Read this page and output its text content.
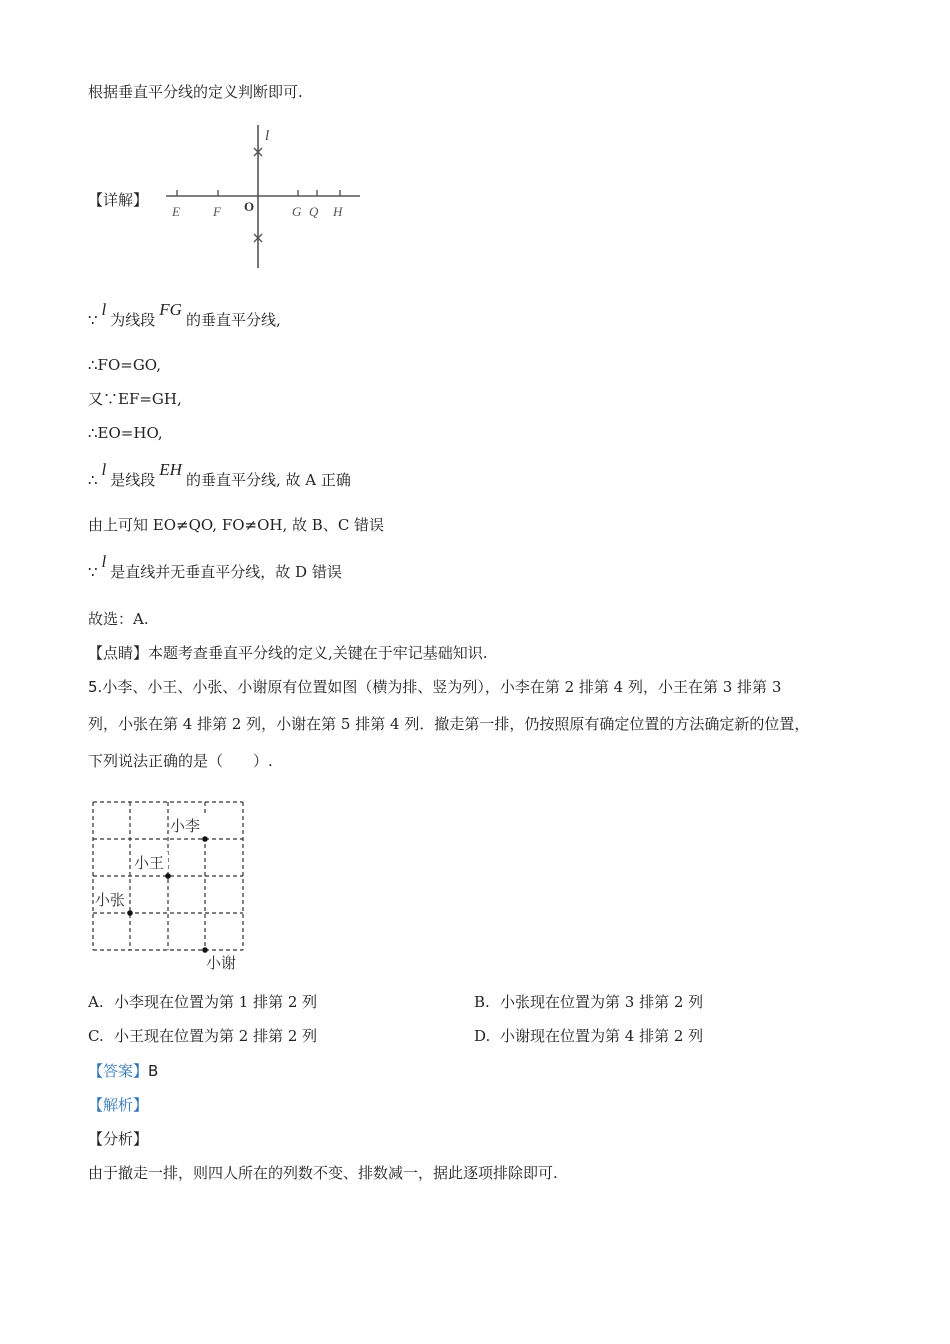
根据垂直平分线的定义判断即可.
【详解】
l
O
E	F	G Q H
∵l为线段FG的垂直平分线,
∴FO=GO,
又∵EF=GH,
∴EO=HO,
∴l是线段EH的垂直平分线, 故 A 正确
由上可知 EO≠QO, FO≠OH, 故 B、C 错误
∵l是直线并无垂直平分线，故 D 错误
故选：A.
【点睛】本题考查垂直平分线的定义,关键在于牢记基础知识.
5.小李、小王、小张、小谢原有位置如图（横为排、竖为列），小李在第 2 排第 4 列，小王在第 3 排第 3
列，小张在第 4 排第 2 列，小谢在第 5 排第 4 列．撤走第一排，仍按照原有确定位置的方法确定新的位置，
下列说法正确的是（　　）.
小李
小王
小张
小谢
A. 小李现在位置为第 1 排第 2 列	B. 小张现在位置为第 3 排第 2 列
C. 小王现在位置为第 2 排第 2 列	D. 小谢现在位置为第 4 排第 2 列
【答案】B
【解析】
【分析】
由于撤走一排，则四人所在的列数不变、排数减一，据此逐项排除即可.
